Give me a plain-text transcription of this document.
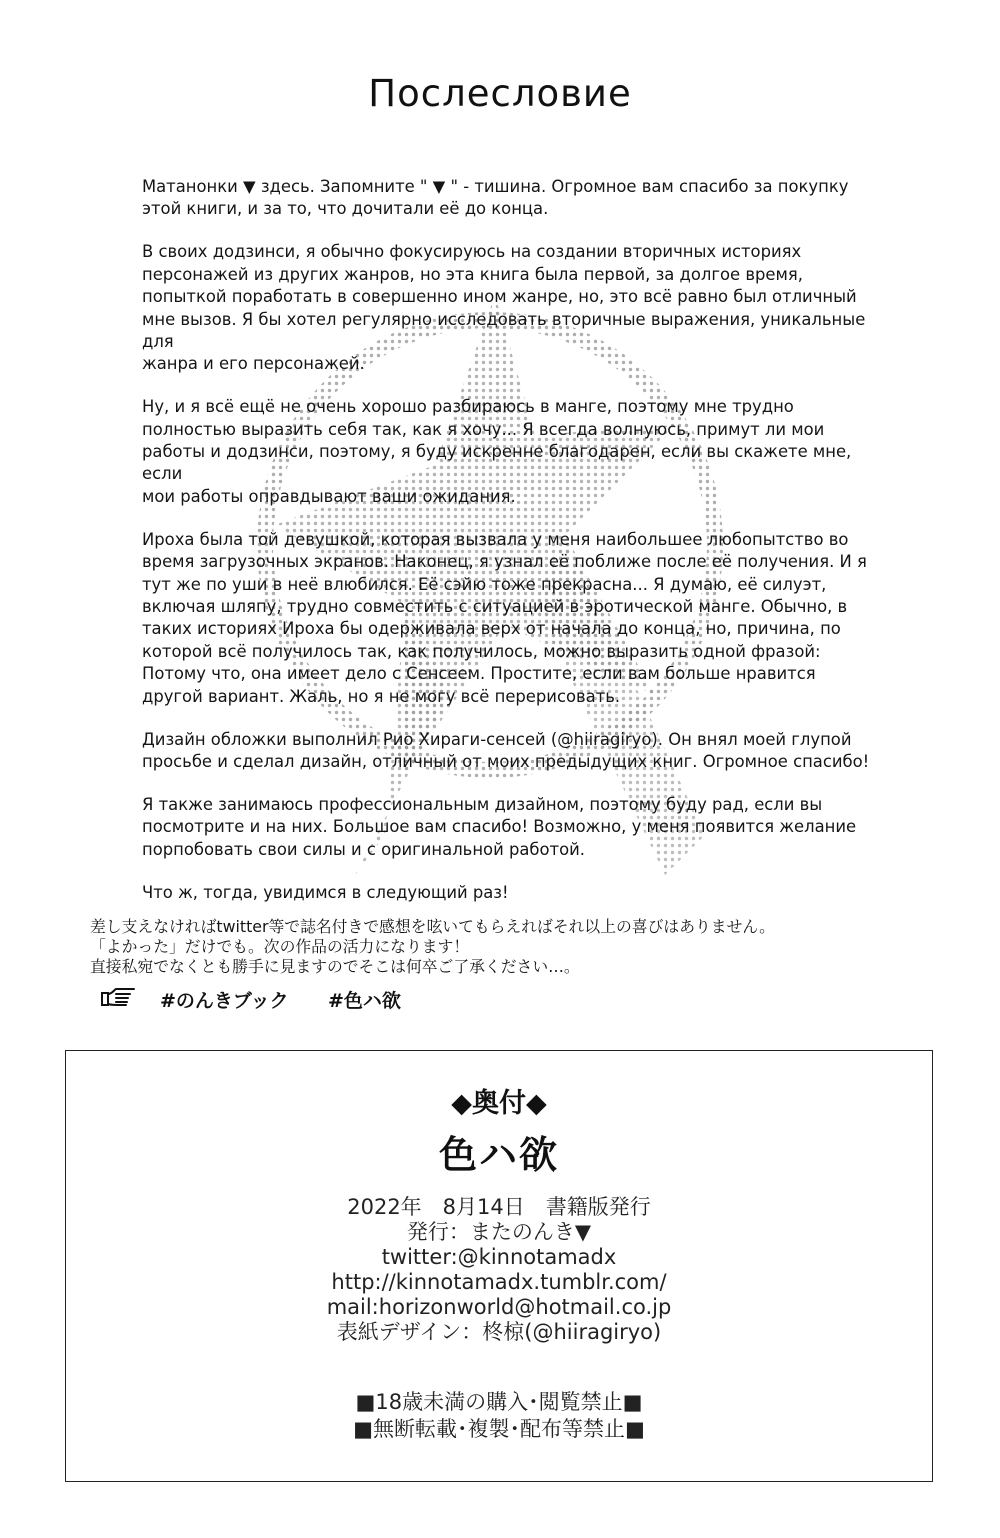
Послесловие

Матанонки ▼ здесь. Запомните " ▼ " - тишина. Огромное вам спасибо за покупку
этой книги, и за то, что дочитали её до конца.

В своих додзинси, я обычно фокусируюсь на создании вторичных историях
персонажей из других жанров, но эта книга была первой, за долгое время,
попыткой поработать в совершенно ином жанре, но, это всё равно был отличный
мне вызов. Я бы хотел регулярно исследовать вторичные выражения, уникальные для
жанра и его персонажей.

Ну, и я всё ещё не очень хорошо разбираюсь в манге, поэтому мне трудно
полностью выразить себя так, как я хочу... Я всегда волнуюсь, примут ли мои
работы и додзинси, поэтому, я буду искренне благодарен, если вы скажете мне, если
мои работы оправдывают ваши ожидания.

Ироха была той девушкой, которая вызвала у меня наибольшее любопытство во
время загрузочных экранов. Наконец, я узнал её поближе после её получения. И я
тут же по уши в неё влюбился. Её сэйю тоже прекрасна... Я думаю, её силуэт,
включая шляпу, трудно совместить с ситуацией в эротической манге. Обычно, в
таких историях Ироха бы одерживала верх от начала до конца, но, причина, по
которой всё получилось так, как получилось, можно выразить одной фразой:
Потому что, она имеет дело с Сенсеем. Простите, если вам больше нравится
другой вариант. Жаль, но я не могу всё перерисовать.

Дизайн обложки выполнил Рио Хираги-сенсей (@hiiragiryo). Он внял моей глупой
просьбе и сделал дизайн, отличный от моих предыдущих книг. Огромное спасибо!

Я также занимаюсь профессиональным дизайном, поэтому буду рад, если вы
посмотрите и на них. Большое вам спасибо! Возможно, у меня появится желание
порпобовать свои силы и с оригинальной работой.

Что ж, тогда, увидимся в следующий раз!

差し支えなければtwitter等で誌名付きで感想を呟いてもらえればそれ以上の喜びはありません。
「よかった」だけでも。次の作品の活力になります！
直接私宛でなくとも勝手に見ますのでそこは何卒ご了承ください…。
#のんきブック #色ハ欲
◆奥付◆
色ハ欲
2022年　8月14日　書籍版発行
発行：またのんき▼
twitter:@kinnotamadx
http://kinnotamadx.tumblr.com/
mail:horizonworld@hotmail.co.jp
表紙デザイン：柊椋(@hiiragiryo)
■18歳未満の購入･閲覧禁止■
■無断転載･複製･配布等禁止■
